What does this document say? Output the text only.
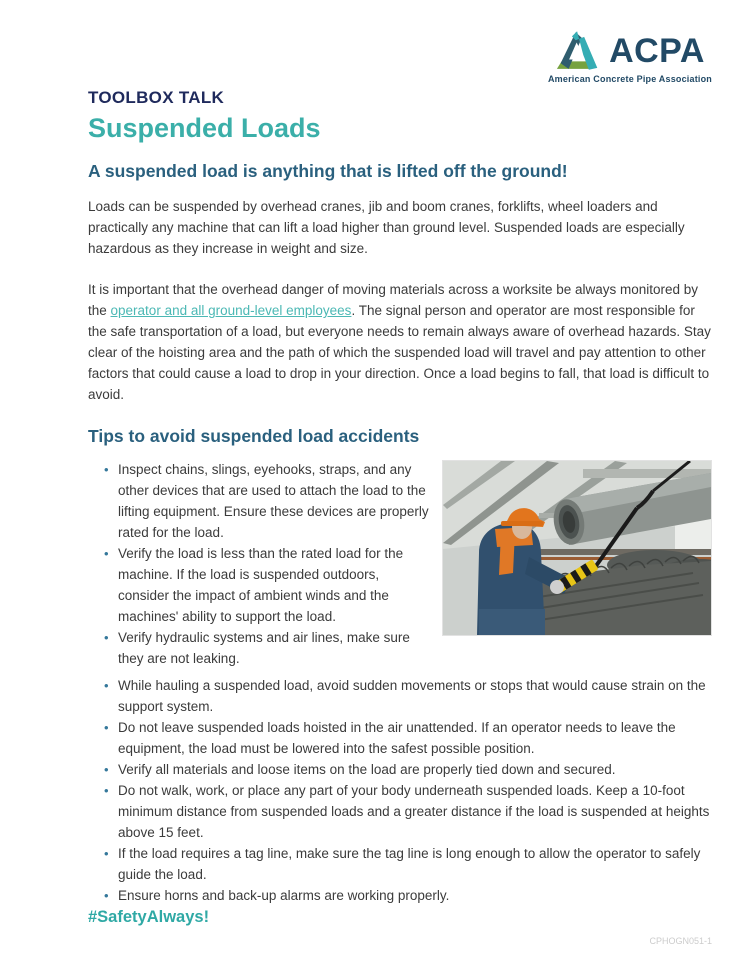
ACPA
American Concrete Pipe Association
TOOLBOX TALK
Suspended Loads
A suspended load is anything that is lifted off the ground!

Loads can be suspended by overhead cranes, jib and boom cranes, forklifts, wheel loaders and practically any machine that can lift a load higher than ground level. Suspended loads are especially hazardous as they increase in weight and size.

It is important that the overhead danger of moving materials across a worksite be always monitored by the operator and all ground-level employees. The signal person and operator are most responsible for the safe transportation of a load, but everyone needs to remain always aware of overhead hazards. Stay clear of the hoisting area and the path of which the suspended load will travel and pay attention to other factors that could cause a load to drop in your direction. Once a load begins to fall, that load is difficult to avoid.

Tips to avoid suspended load accidents
• Inspect chains, slings, eyehooks, straps, and any other devices that are used to attach the load to the lifting equipment. Ensure these devices are properly rated for the load.
• Verify the load is less than the rated load for the machine. If the load is suspended outdoors, consider the impact of ambient winds and the machines' ability to support the load.
• Verify hydraulic systems and air lines, make sure they are not leaking.
• While hauling a suspended load, avoid sudden movements or stops that would cause strain on the support system.
• Do not leave suspended loads hoisted in the air unattended. If an operator needs to leave the equipment, the load must be lowered into the safest possible position.
• Verify all materials and loose items on the load are properly tied down and secured.
• Do not walk, work, or place any part of your body underneath suspended loads. Keep a 10-foot minimum distance from suspended loads and a greater distance if the load is suspended at heights above 15 feet.
• If the load requires a tag line, make sure the tag line is long enough to allow the operator to safely guide the load.
• Ensure horns and back-up alarms are working properly.
#SafetyAlways!
CPHOGN051-1
